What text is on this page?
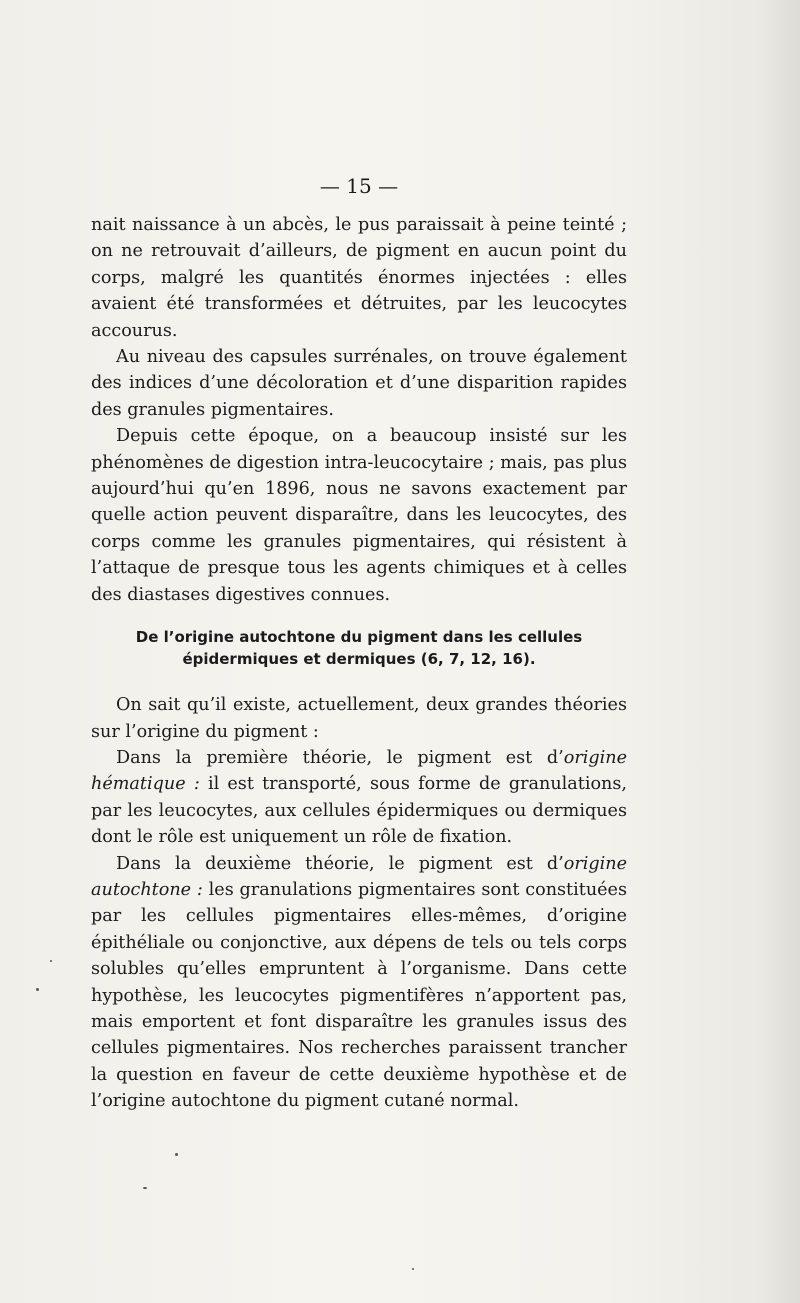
— 15 —

nait naissance à un abcès, le pus paraissait à peine teinté ; on ne retrouvait d’ailleurs, de pigment en aucun point du corps, malgré les quantités énormes injectées : elles avaient été transformées et détruites, par les leucocytes accourus.

Au niveau des capsules surrénales, on trouve également des indices d’une décoloration et d’une disparition rapides des granules pigmentaires.

Depuis cette époque, on a beaucoup insisté sur les phénomènes de digestion intra-leucocytaire ; mais, pas plus aujourd’hui qu’en 1896, nous ne savons exactement par quelle action peuvent disparaître, dans les leucocytes, des corps comme les granules pigmentaires, qui résistent à l’attaque de presque tous les agents chimiques et à celles des diastases digestives connues.

De l’origine autochtone du pigment dans les cellules
épidermiques et dermiques (6, 7, 12, 16).

On sait qu’il existe, actuellement, deux grandes théories sur l’origine du pigment :

Dans la première théorie, le pigment est d’origine hématique : il est transporté, sous forme de granulations, par les leucocytes, aux cellules épidermiques ou dermiques dont le rôle est uniquement un rôle de fixation.

Dans la deuxième théorie, le pigment est d’origine autochtone : les granulations pigmentaires sont constituées par les cellules pigmentaires elles-mêmes, d’origine épithéliale ou conjonctive, aux dépens de tels ou tels corps solubles qu’elles empruntent à l’organisme. Dans cette hypothèse, les leucocytes pigmentifères n’apportent pas, mais emportent et font disparaître les granules issus des cellules pigmentaires. Nos recherches paraissent trancher la question en faveur de cette deuxième hypothèse et de l’origine autochtone du pigment cutané normal.
